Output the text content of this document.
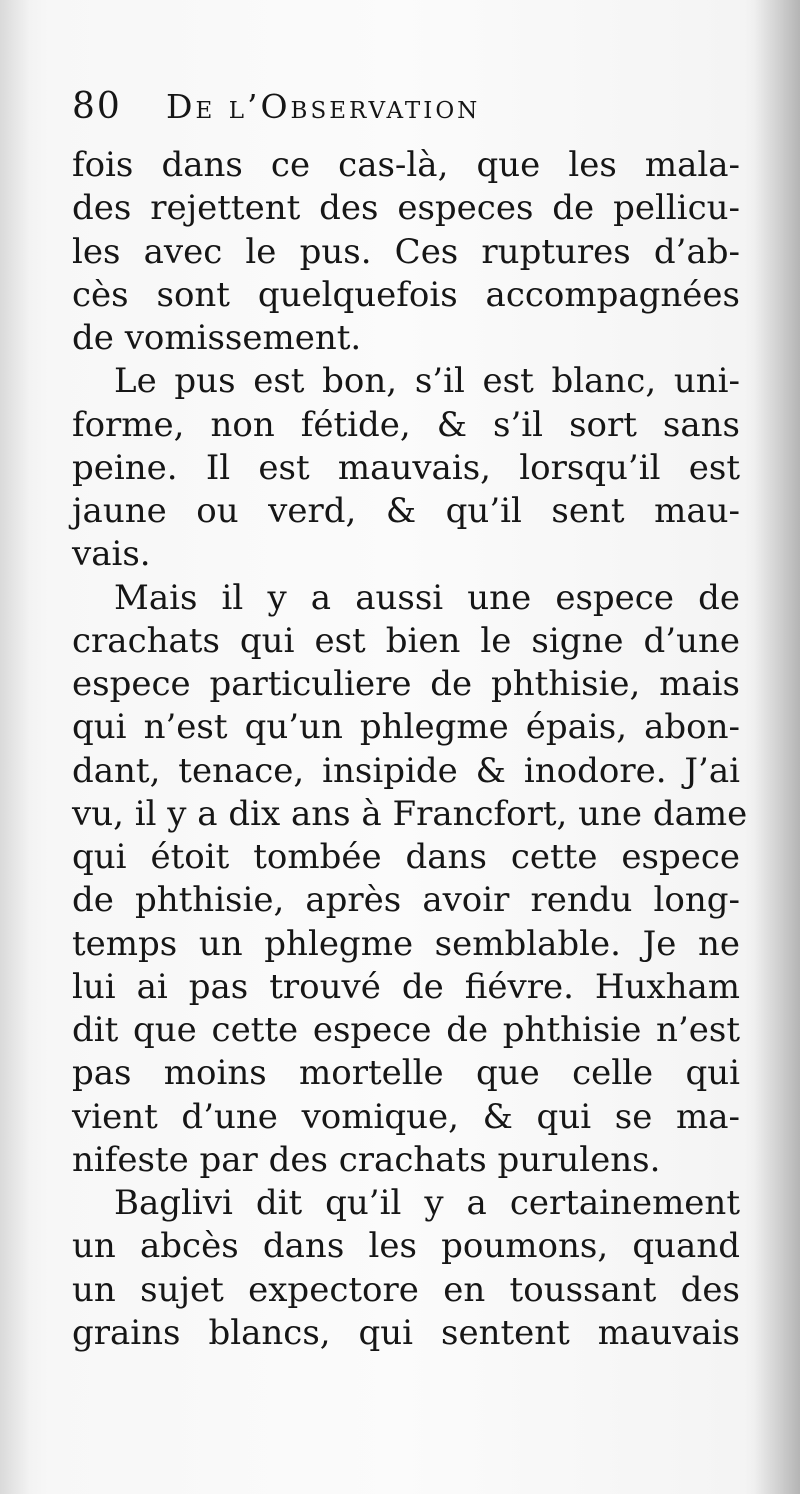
80	De l’Observation
fois dans ce cas-là, que les mala-
des rejettent des especes de pellicu-
les avec le pus. Ces ruptures d’ab-
cès sont quelquefois accompagnées
de vomissement.
Le pus est bon, s’il est blanc, uni-
forme, non fétide, & s’il sort sans
peine. Il est mauvais, lorsqu’il est
jaune ou verd, & qu’il sent mau-
vais.
Mais il y a aussi une espece de
crachats qui est bien le signe d’une
espece particuliere de phthisie, mais
qui n’est qu’un phlegme épais, abon-
dant, tenace, insipide & inodore. J’ai
vu, il y a dix ans à Francfort, une dame
qui étoit tombée dans cette espece
de phthisie, après avoir rendu long-
temps un phlegme semblable. Je ne
lui ai pas trouvé de fiévre. Huxham
dit que cette espece de phthisie n’est
pas moins mortelle que celle qui
vient d’une vomique, & qui se ma-
nifeste par des crachats purulens.
Baglivi dit qu’il y a certainement
un abcès dans les poumons, quand
un sujet expectore en toussant des
grains blancs, qui sentent mauvais
